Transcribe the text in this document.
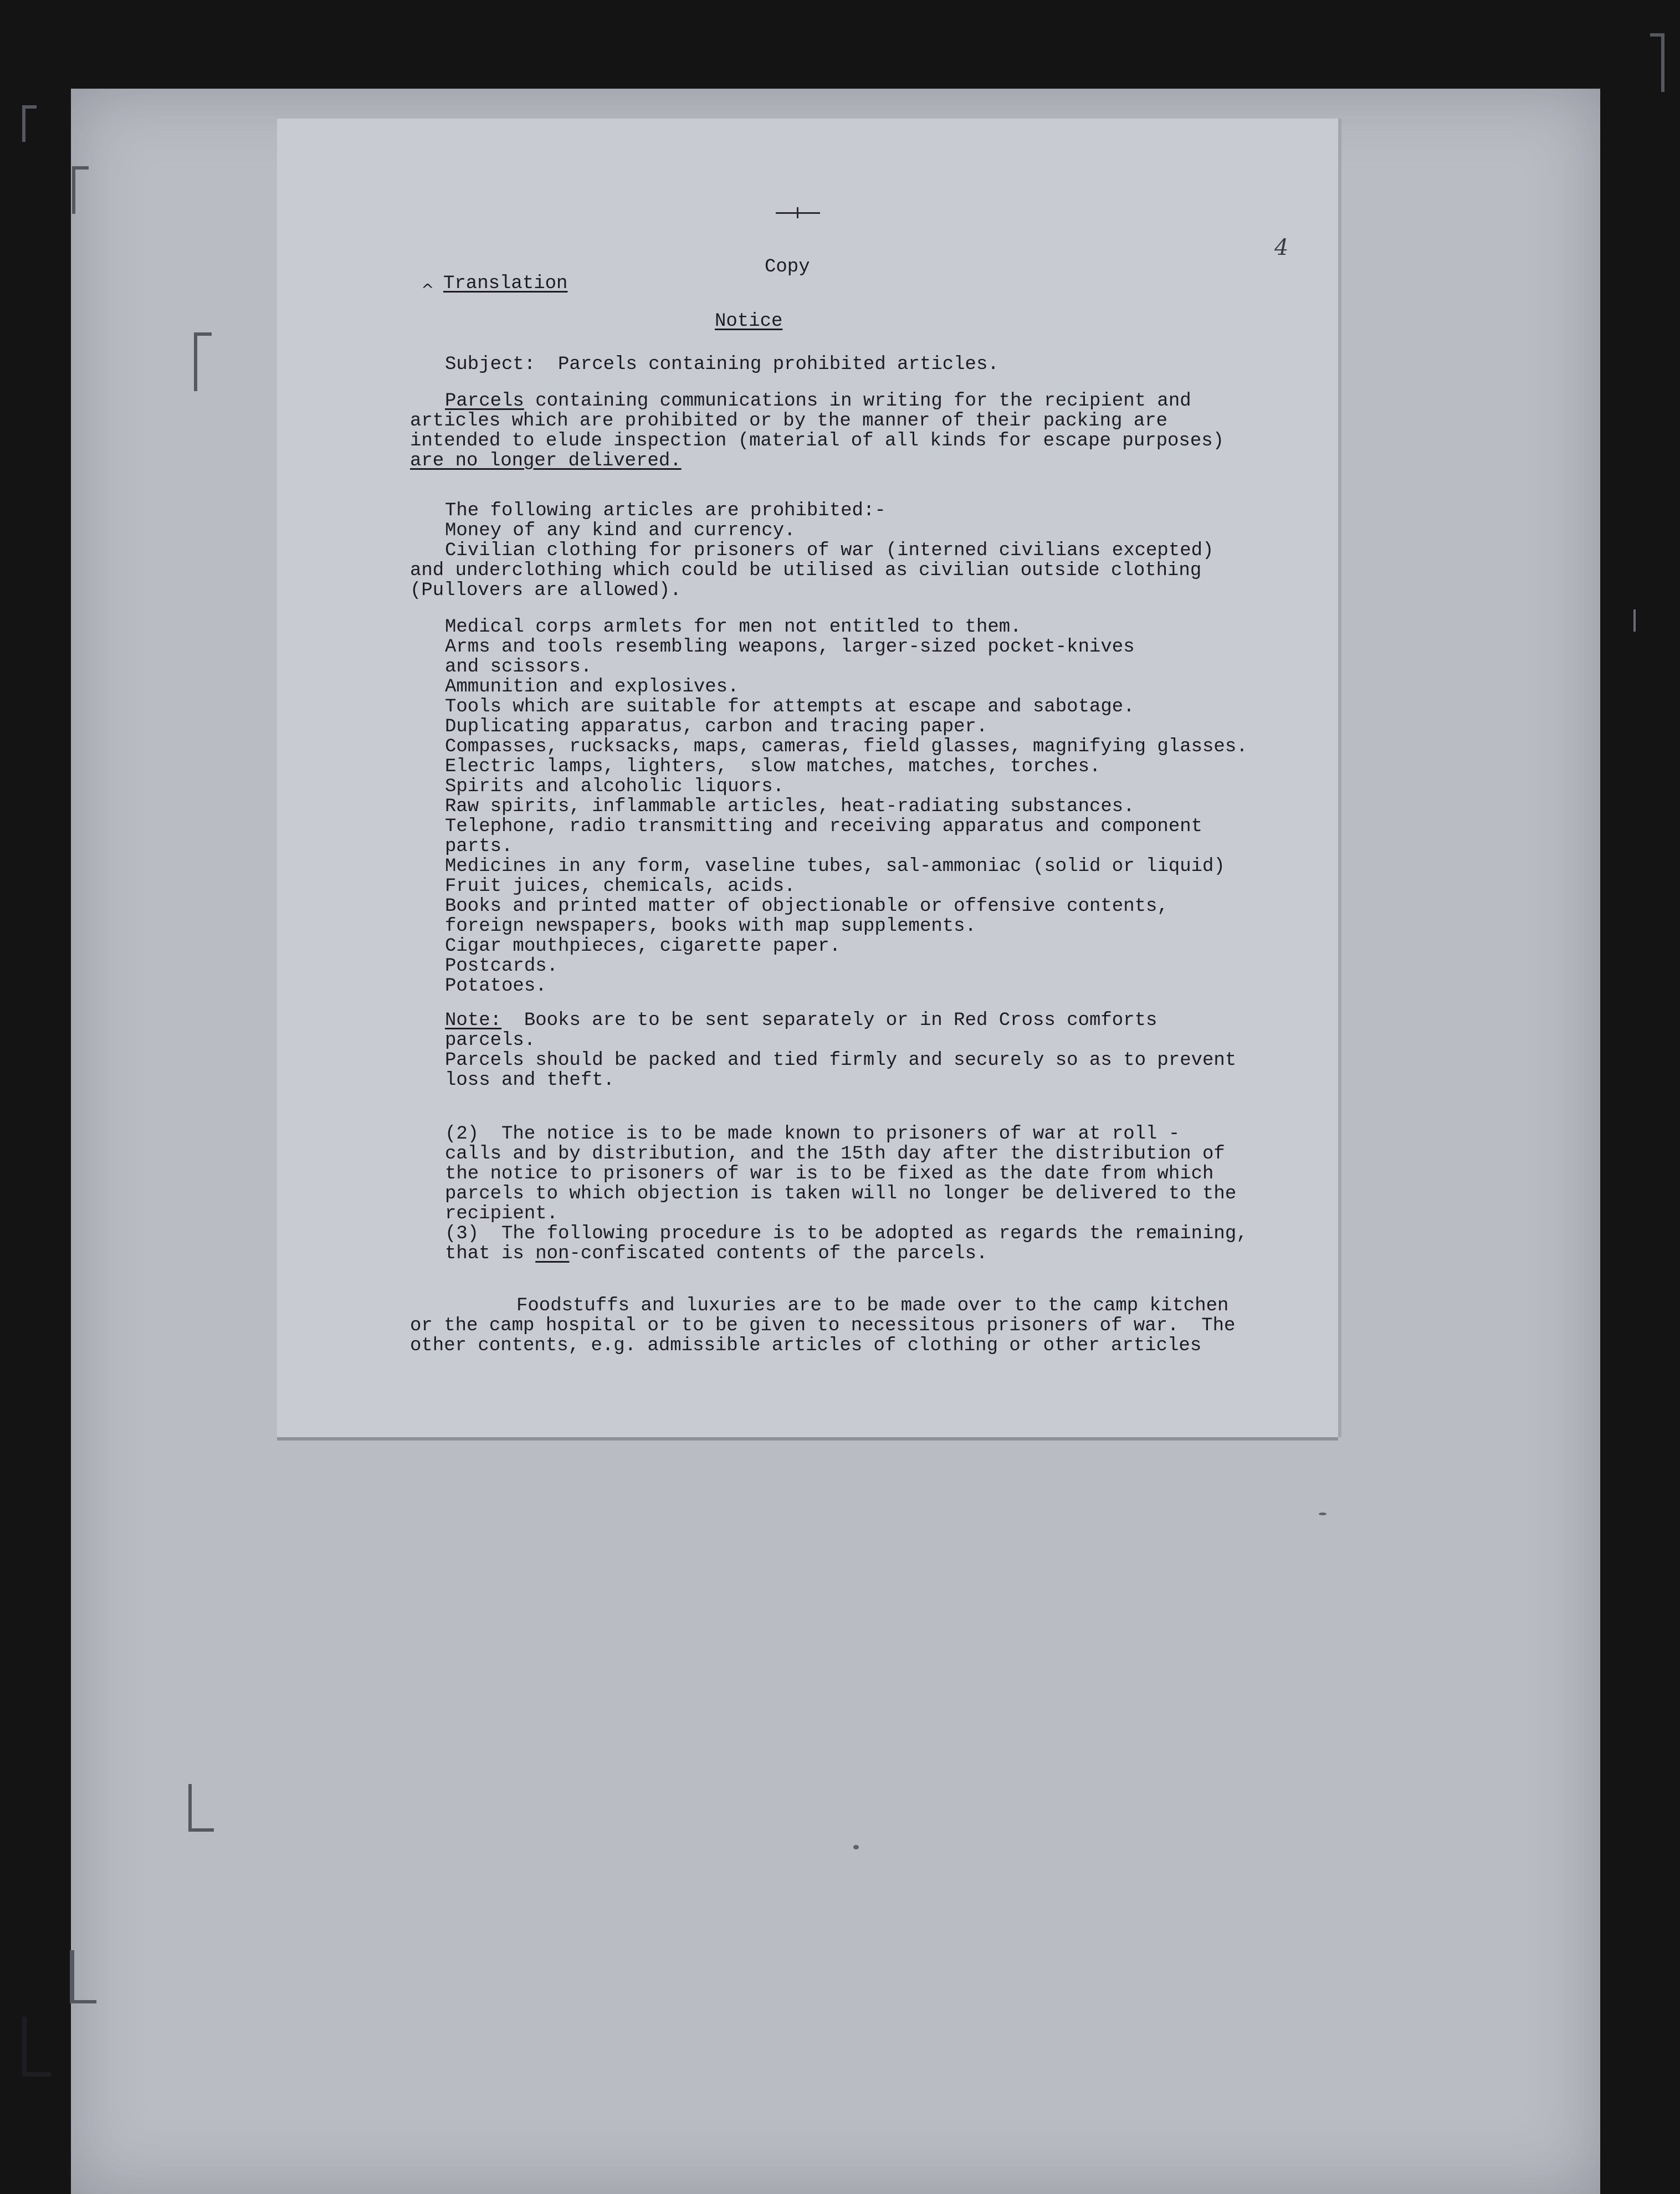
4
Copy
^ Translation
Notice
Subject:  Parcels containing prohibited articles.
Parcels containing communications in writing for the recipient and
articles which are prohibited or by the manner of their packing are
intended to elude inspection (material of all kinds for escape purposes)
are no longer delivered.
The following articles are prohibited:-
Money of any kind and currency.
Civilian clothing for prisoners of war (interned civilians excepted)
and underclothing which could be utilised as civilian outside clothing
(Pullovers are allowed).
Medical corps armlets for men not entitled to them.
Arms and tools resembling weapons, larger-sized pocket-knives
and scissors.
Ammunition and explosives.
Tools which are suitable for attempts at escape and sabotage.
Duplicating apparatus, carbon and tracing paper.
Compasses, rucksacks, maps, cameras, field glasses, magnifying glasses.
Electric lamps, lighters,  slow matches, matches, torches.
Spirits and alcoholic liquors.
Raw spirits, inflammable articles, heat-radiating substances.
Telephone, radio transmitting and receiving apparatus and component
parts.
Medicines in any form, vaseline tubes, sal-ammoniac (solid or liquid)
Fruit juices, chemicals, acids.
Books and printed matter of objectionable or offensive contents,
foreign newspapers, books with map supplements.
Cigar mouthpieces, cigarette paper.
Postcards.
Potatoes.
Note:  Books are to be sent separately or in Red Cross comforts
parcels.
Parcels should be packed and tied firmly and securely so as to prevent
loss and theft.
(2)  The notice is to be made known to prisoners of war at roll -
calls and by distribution, and the 15th day after the distribution of
the notice to prisoners of war is to be fixed as the date from which
parcels to which objection is taken will no longer be delivered to the
recipient.
(3)  The following procedure is to be adopted as regards the remaining,
that is non-confiscated contents of the parcels.
Foodstuffs and luxuries are to be made over to the camp kitchen
or the camp hospital or to be given to necessitous prisoners of war.  The
other contents, e.g. admissible articles of clothing or other articles
